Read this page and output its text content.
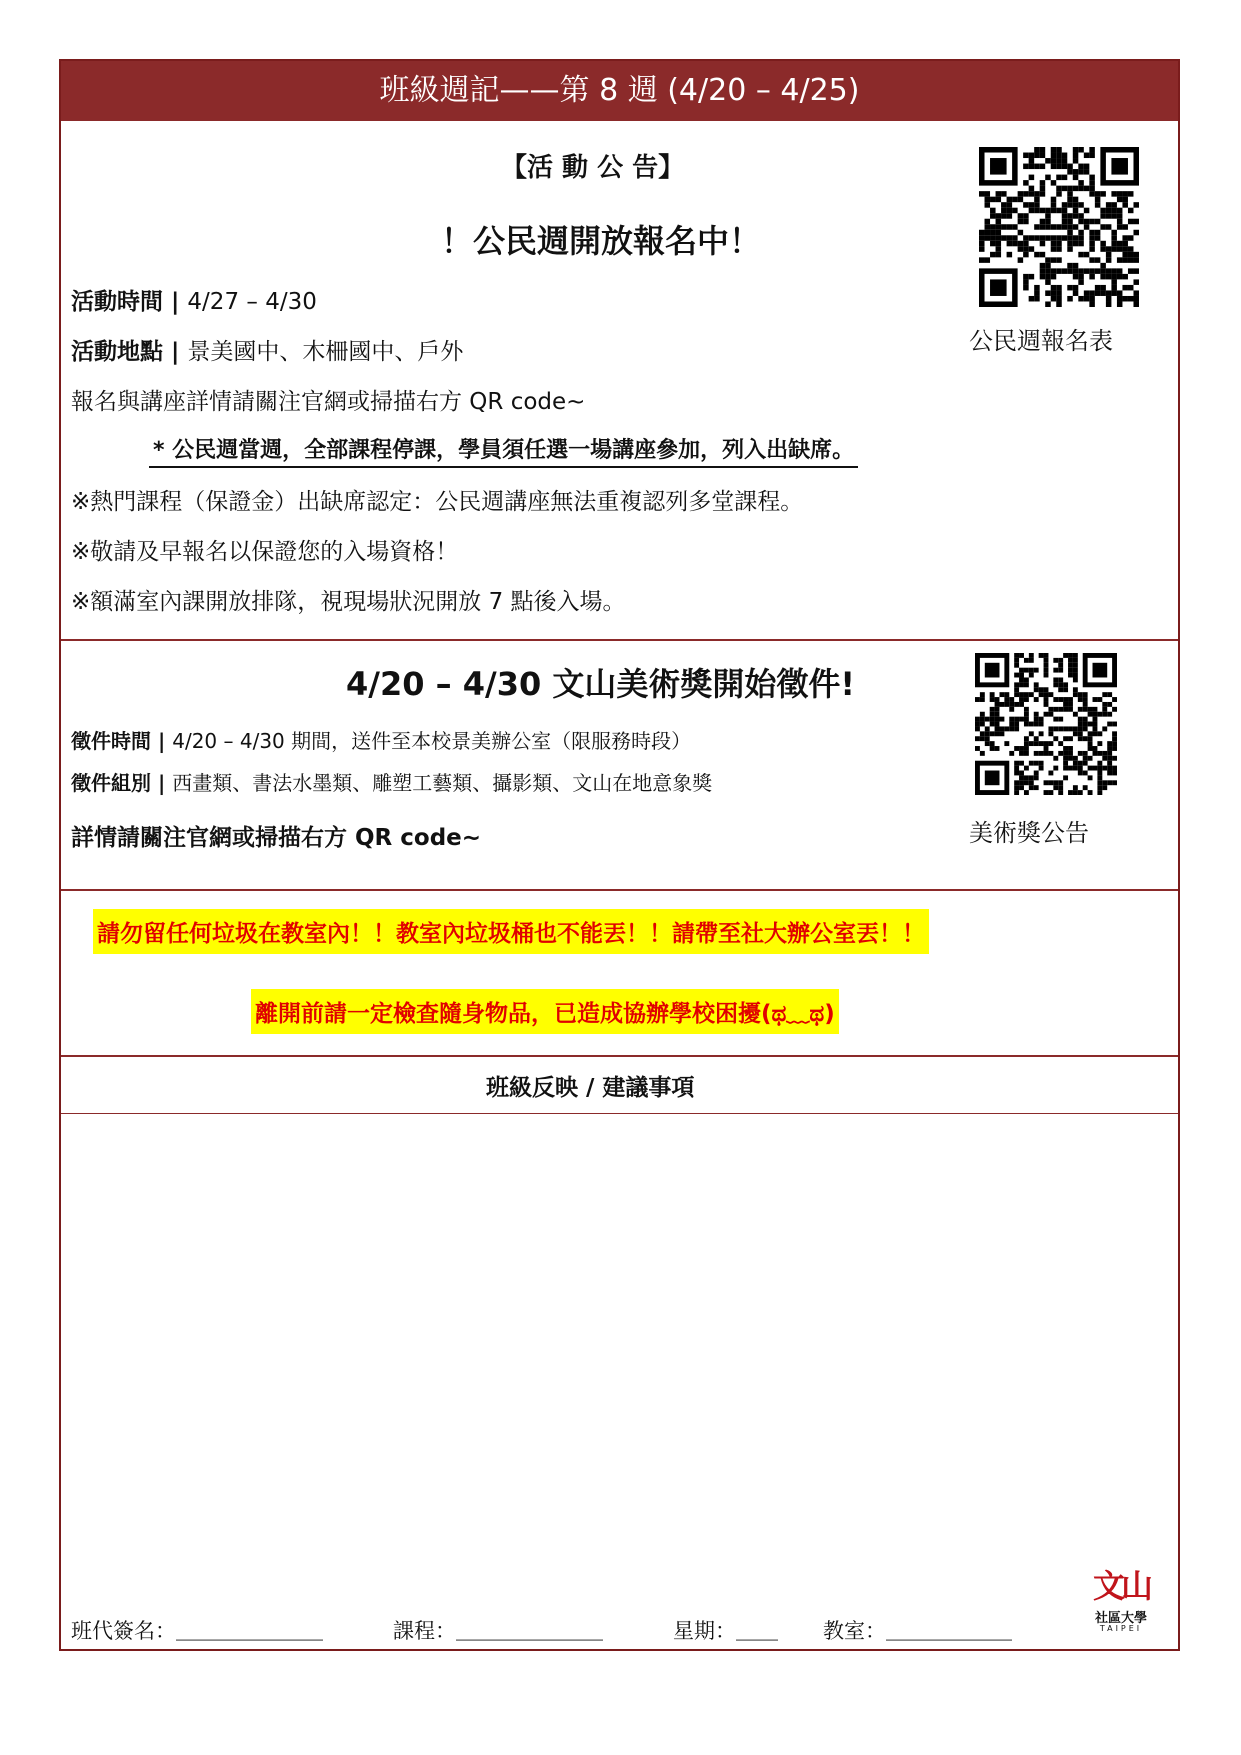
班級週記——第 8 週 (4/20 – 4/25)
【活 動 公 告】
！公民週開放報名中！
活動時間 | 4/27 – 4/30
活動地點 | 景美國中、木柵國中、戶外
報名與講座詳情請關注官網或掃描右方 QR code~
* 公民週當週，全部課程停課，學員須任選一場講座參加，列入出缺席。
※熱門課程（保證金）出缺席認定：公民週講座無法重複認列多堂課程。
※敬請及早報名以保證您的入場資格！
※額滿室內課開放排隊，視現場狀況開放 7 點後入場。
公民週報名表
4/20 – 4/30 文山美術獎開始徵件!
徵件時間 | 4/20 – 4/30 期間，送件至本校景美辦公室（限服務時段）
徵件組別 | 西畫類、書法水墨類、雕塑工藝類、攝影類、文山在地意象獎
詳情請關注官網或掃描右方 QR code~	美術獎公告
請勿留任何垃圾在教室內！！教室內垃圾桶也不能丟！！請帶至社大辦公室丟！！
離開前請一定檢查隨身物品，已造成協辦學校困擾(ಥ﹏ಥ)
班級反映 / 建議事項
班代簽名：＿＿＿＿＿＿＿	課程：＿＿＿＿＿＿＿	星期：＿＿ 教室：＿＿＿＿＿＿
文山
社區大學
TAIPEI
